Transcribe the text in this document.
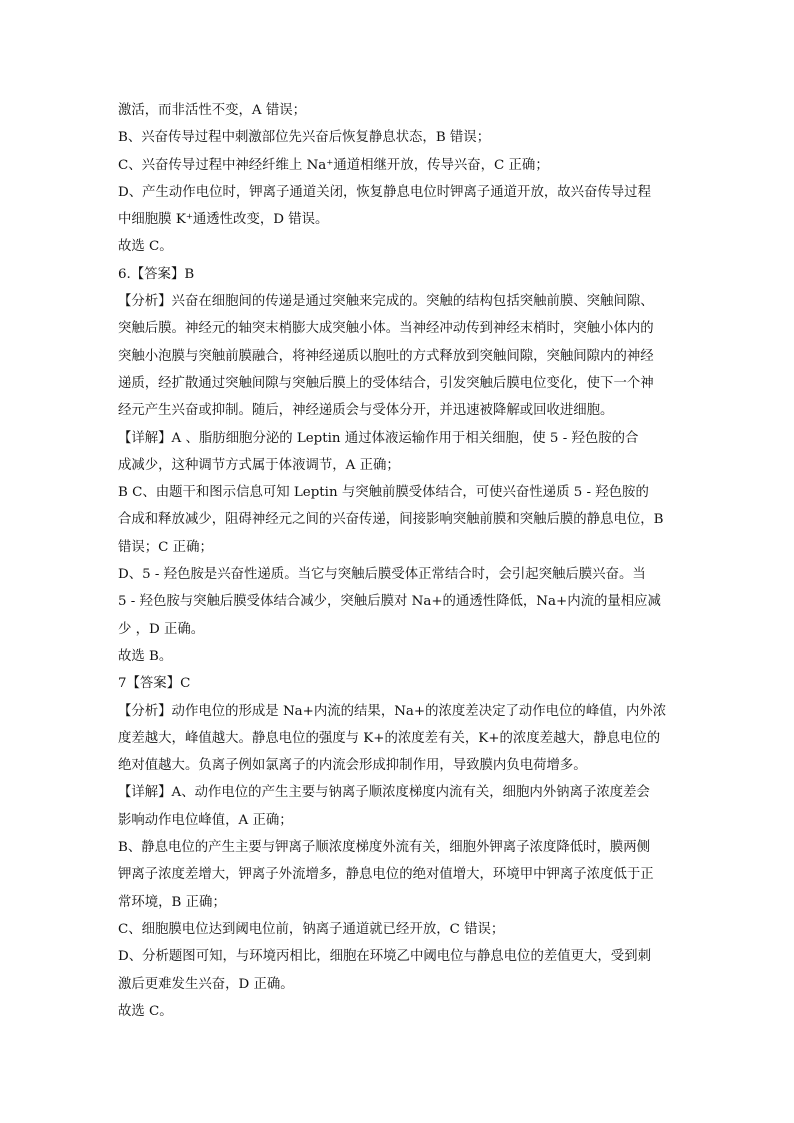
激活，而非活性不变，A 错误；
B、兴奋传导过程中刺激部位先兴奋后恢复静息状态，B 错误；
C、兴奋传导过程中神经纤维上 Na⁺通道相继开放，传导兴奋，C 正确；
D、产生动作电位时，钾离子通道关闭，恢复静息电位时钾离子通道开放，故兴奋传导过程
中细胞膜 K⁺通透性改变，D 错误。
故选 C。
6.【答案】B
【分析】兴奋在细胞间的传递是通过突触来完成的。突触的结构包括突触前膜、突触间隙、
突触后膜。神经元的轴突末梢膨大成突触小体。当神经冲动传到神经末梢时，突触小体内的
突触小泡膜与突触前膜融合，将神经递质以胞吐的方式释放到突触间隙，突触间隙内的神经
递质，经扩散通过突触间隙与突触后膜上的受体结合，引发突触后膜电位变化，使下一个神
经元产生兴奋或抑制。随后，神经递质会与受体分开，并迅速被降解或回收进细胞。
【详解】A 、脂肪细胞分泌的 Leptin 通过体液运输作用于相关细胞，使 5 - 羟色胺的合
成减少，这种调节方式属于体液调节，A 正确；
B C、由题干和图示信息可知 Leptin 与突触前膜受体结合，可使兴奋性递质 5 - 羟色胺的
合成和释放减少，阻碍神经元之间的兴奋传递，间接影响突触前膜和突触后膜的静息电位，B
错误；C 正确；
D、5 - 羟色胺是兴奋性递质。当它与突触后膜受体正常结合时，会引起突触后膜兴奋。当
5 - 羟色胺与突触后膜受体结合减少，突触后膜对 Na+的通透性降低，Na+内流的量相应减
少 ，D 正确。
故选 B。
7【答案】C
【分析】动作电位的形成是 Na+内流的结果，Na+的浓度差决定了动作电位的峰值，内外浓
度差越大，峰值越大。静息电位的强度与 K+的浓度差有关，K+的浓度差越大，静息电位的
绝对值越大。负离子例如氯离子的内流会形成抑制作用，导致膜内负电荷增多。
【详解】A、动作电位的产生主要与钠离子顺浓度梯度内流有关，细胞内外钠离子浓度差会
影响动作电位峰值，A 正确；
B、静息电位的产生主要与钾离子顺浓度梯度外流有关，细胞外钾离子浓度降低时，膜两侧
钾离子浓度差增大，钾离子外流增多，静息电位的绝对值增大，环境甲中钾离子浓度低于正
常环境，B 正确；
C、细胞膜电位达到阈电位前，钠离子通道就已经开放，C 错误；
D、分析题图可知，与环境丙相比，细胞在环境乙中阈电位与静息电位的差值更大，受到刺
激后更难发生兴奋，D 正确。
故选 C。
